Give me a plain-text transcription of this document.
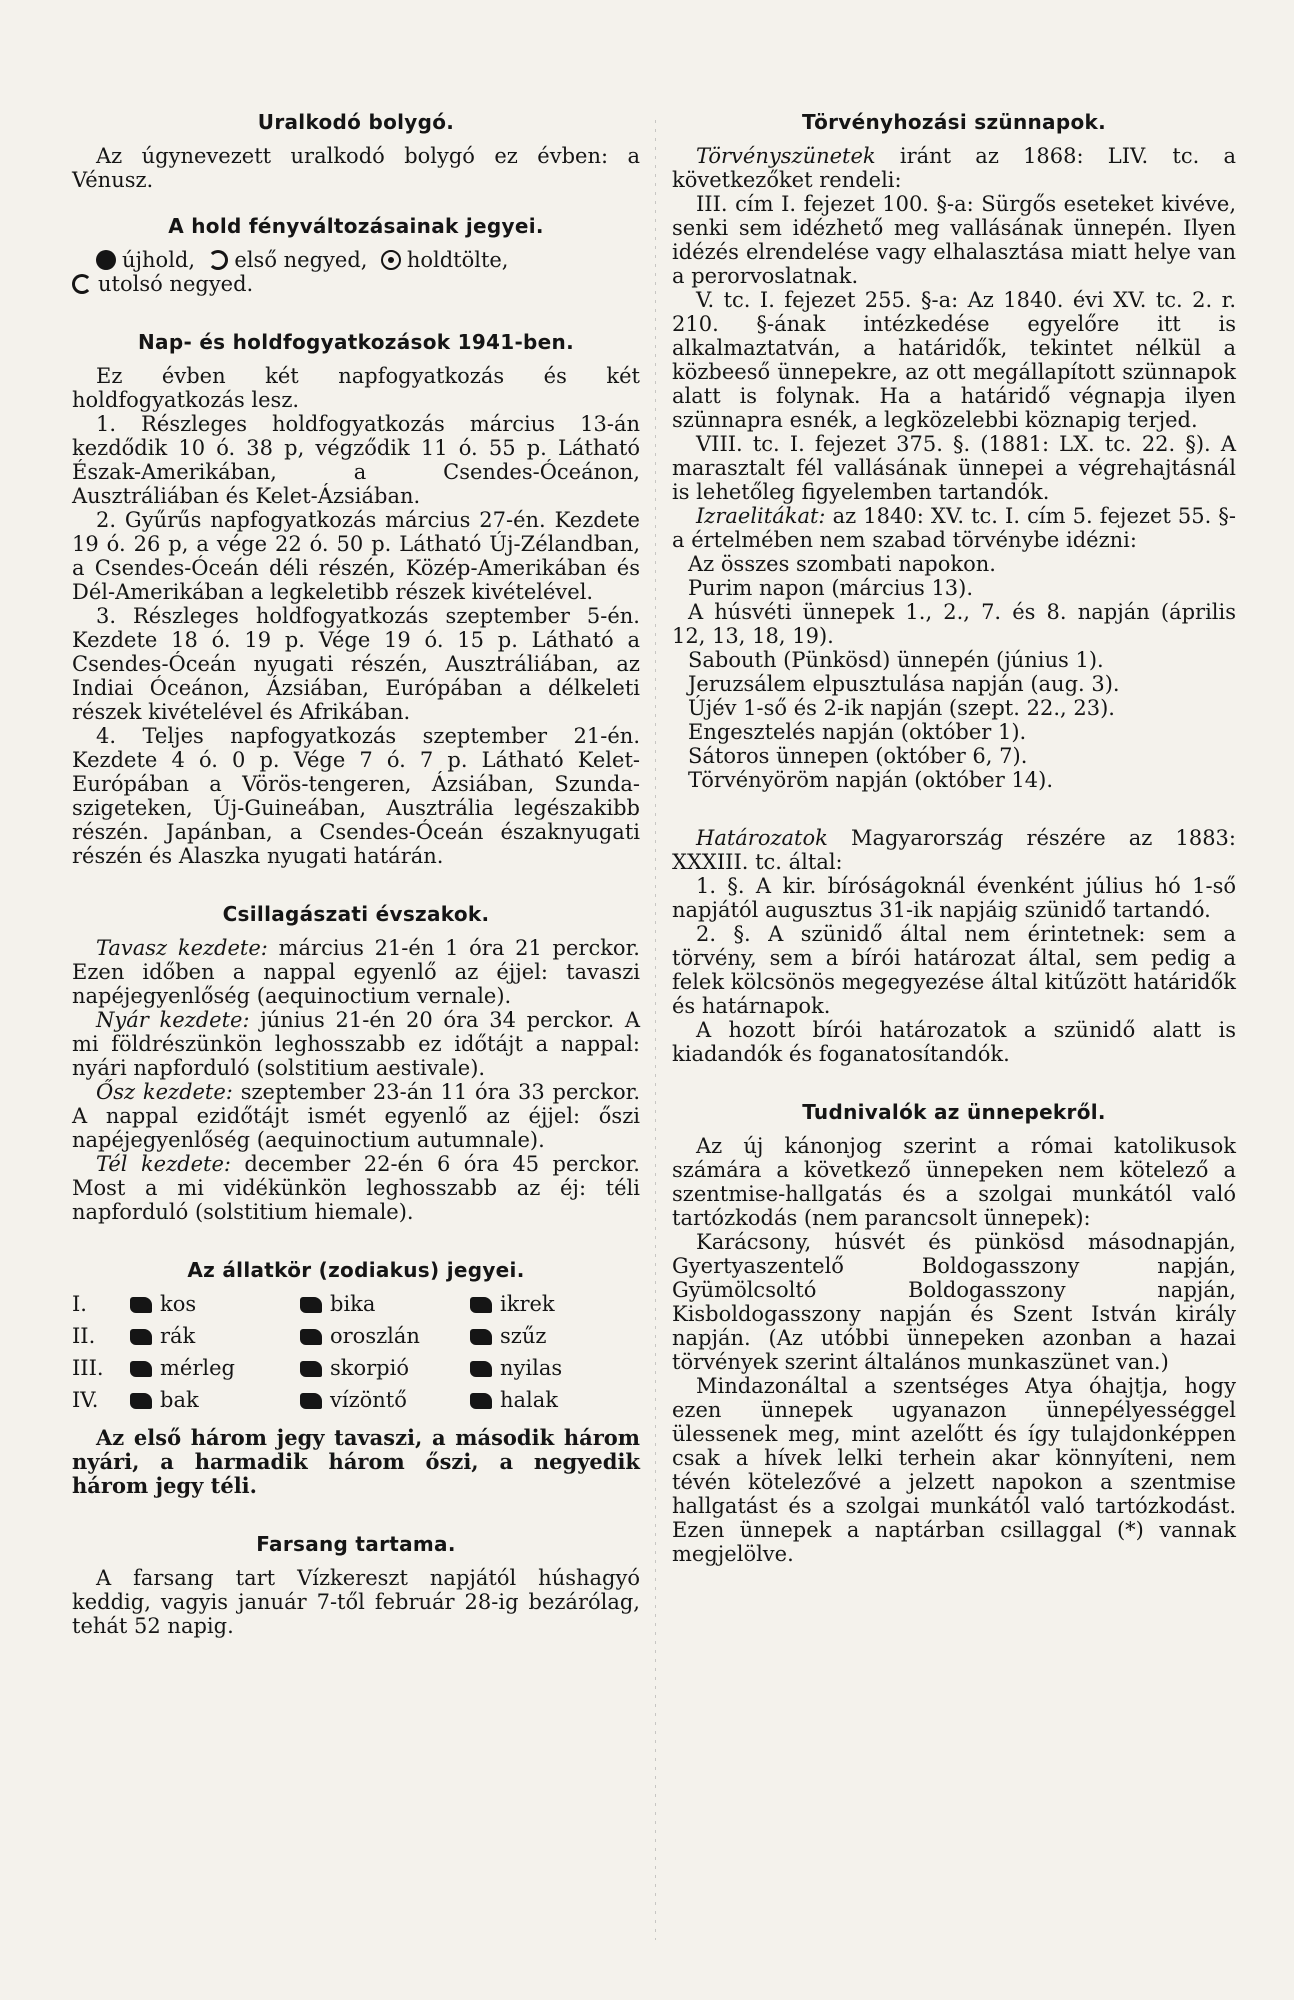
Uralkodó bolygó.

Az úgynevezett uralkodó bolygó ez évben: a Vénusz.

A hold fényváltozásainak jegyei.

újhold, első negyed, holdtölte,

utolsó negyed.

Nap- és holdfogyatkozások 1941-ben.

Ez évben két napfogyatkozás és két holdfogyatkozás lesz.

1. Részleges holdfogyatkozás március 13-án kezdődik 10 ó. 38 p, végződik 11 ó. 55 p. Látható Észak-Amerikában, a Csendes-Óceánon, Ausztráliában és Kelet-Ázsiában.

2. Gyűrűs napfogyatkozás március 27-én. Kezdete 19 ó. 26 p, a vége 22 ó. 50 p. Látható Új-Zélandban, a Csendes-Óceán déli részén, Közép-Amerikában és Dél-Amerikában a legkeletibb részek kivételével.

3. Részleges holdfogyatkozás szeptember 5-én. Kezdete 18 ó. 19 p. Vége 19 ó. 15 p. Látható a Csendes-Óceán nyugati részén, Ausztráliában, az Indiai Óceánon, Ázsiában, Európában a délkeleti részek kivételével és Afrikában.

4. Teljes napfogyatkozás szeptember 21-én. Kezdete 4 ó. 0 p. Vége 7 ó. 7 p. Látható Kelet-Európában a Vörös-tengeren, Ázsiában, Szunda-szigeteken, Új-Guineában, Ausztrália legészakibb részén. Japánban, a Csendes-Óceán északnyugati részén és Alaszka nyugati határán.

Csillagászati évszakok.

Tavasz kezdete: március 21-én 1 óra 21 perckor. Ezen időben a nappal egyenlő az éjjel: tavaszi napéjegyenlőség (aequinoctium vernale).

Nyár kezdete: június 21-én 20 óra 34 perckor. A mi földrészünkön leghosszabb ez időtájt a nappal: nyári napforduló (solstitium aestivale).

Ősz kezdete: szeptember 23-án 11 óra 33 perckor. A nappal ezidőtájt ismét egyenlő az éjjel: őszi napéjegyenlőség (aequinoctium autumnale).

Tél kezdete: december 22-én 6 óra 45 perckor. Most a mi vidékünkön leghosszabb az éj: téli napforduló (solstitium hiemale).

Az állatkör (zodiakus) jegyei.
I.	kos	bika	ikrek
II.	rák	oroszlán	szűz
III.	mérleg	skorpió	nyilas
IV.	bak	vízöntő	halak

Az első három jegy tavaszi, a második három nyári, a harmadik három őszi, a negyedik három jegy téli.

Farsang tartama.

A farsang tart Vízkereszt napjától húshagyó keddig, vagyis január 7-től február 28-ig bezárólag, tehát 52 napig.

Törvényhozási szünnapok.

Törvényszünetek iránt az 1868: LIV. tc. a következőket rendeli:

III. cím I. fejezet 100. §-a: Sürgős eseteket kivéve, senki sem idézhető meg vallásának ünnepén. Ilyen idézés elrendelése vagy elhalasztása miatt helye van a perorvoslatnak.

V. tc. I. fejezet 255. §-a: Az 1840. évi XV. tc. 2. r. 210. §-ának intézkedése egyelőre itt is alkalmaztatván, a határidők, tekintet nélkül a közbeeső ünnepekre, az ott megállapított szünnapok alatt is folynak. Ha a határidő végnapja ilyen szünnapra esnék, a legközelebbi köznapig terjed.

VIII. tc. I. fejezet 375. §. (1881: LX. tc. 22. §). A marasztalt fél vallásának ünnepei a végrehajtásnál is lehetőleg figyelemben tartandók.

Izraelitákat: az 1840: XV. tc. I. cím 5. fejezet 55. §-a értelmében nem szabad törvénybe idézni:

Az összes szombati napokon.

Purim napon (március 13).

A húsvéti ünnepek 1., 2., 7. és 8. napján (április 12, 13, 18, 19).

Sabouth (Pünkösd) ünnepén (június 1).

Jeruzsálem elpusztulása napján (aug. 3).

Újév 1-ső és 2-ik napján (szept. 22., 23).

Engesztelés napján (október 1).

Sátoros ünnepen (október 6, 7).

Törvényöröm napján (október 14).

Határozatok Magyarország részére az 1883: XXXIII. tc. által:

1. §. A kir. bíróságoknál évenként július hó 1-ső napjától augusztus 31-ik napjáig szünidő tartandó.

2. §. A szünidő által nem érintetnek: sem a törvény, sem a bírói határozat által, sem pedig a felek kölcsönös megegyezése által kitűzött határidők és határnapok.

A hozott bírói határozatok a szünidő alatt is kiadandók és foganatosítandók.

Tudnivalók az ünnepekről.

Az új kánonjog szerint a római katolikusok számára a következő ünnepeken nem kötelező a szentmise-hallgatás és a szolgai munkától való tartózkodás (nem parancsolt ünnepek):

Karácsony, húsvét és pünkösd másodnapján, Gyertyaszentelő Boldogasszony napján, Gyümölcsoltó Boldogasszony napján, Kisboldogasszony napján és Szent István király napján. (Az utóbbi ünnepeken azonban a hazai törvények szerint általános munkaszünet van.)

Mindazonáltal a szentséges Atya óhajtja, hogy ezen ünnepek ugyanazon ünnepélyességgel ülessenek meg, mint azelőtt és így tulajdonképpen csak a hívek lelki terhein akar könnyíteni, nem tévén kötelezővé a jelzett napokon a szentmise hallgatást és a szolgai munkától való tartózkodást. Ezen ünnepek a naptárban csillaggal (*) vannak megjelölve.
